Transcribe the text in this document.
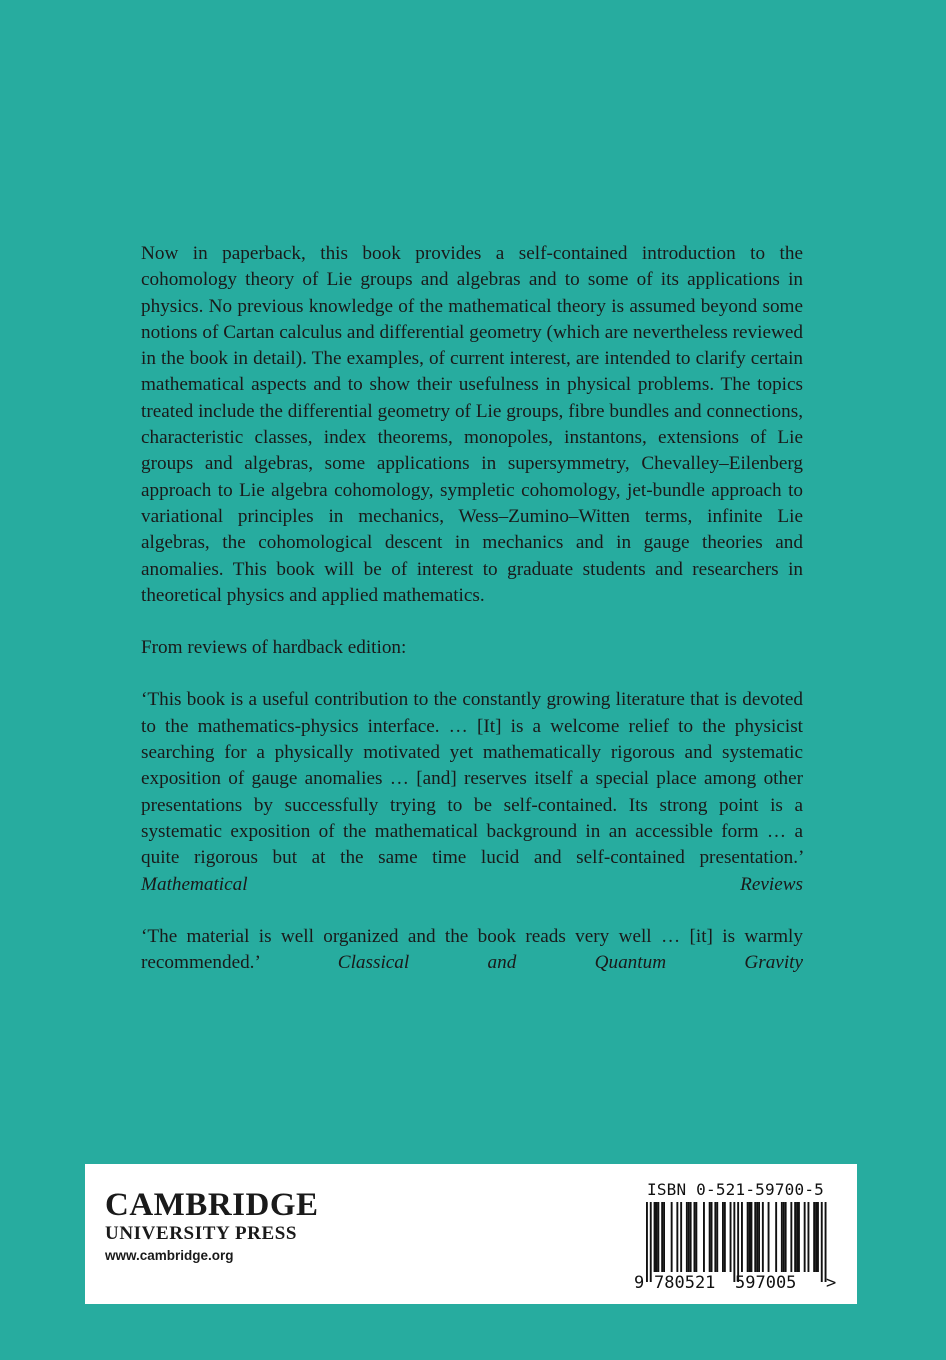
Now in paperback, this book provides a self-contained introduction to the cohomology theory of Lie groups and algebras and to some of its applications in physics. No previous knowledge of the mathematical theory is assumed beyond some notions of Cartan calculus and differential geometry (which are nevertheless reviewed in the book in detail). The examples, of current interest, are intended to clarify certain mathematical aspects and to show their usefulness in physical problems. The topics treated include the differential geometry of Lie groups, fibre bundles and connections, characteristic classes, index theorems, monopoles, instantons, extensions of Lie groups and algebras, some applications in supersymmetry, Chevalley–Eilenberg approach to Lie algebra cohomology, sympletic cohomology, jet-bundle approach to variational principles in mechanics, Wess–Zumino–Witten terms, infinite Lie algebras, the cohomological descent in mechanics and in gauge theories and anomalies. This book will be of interest to graduate students and researchers in theoretical physics and applied mathematics.

From reviews of hardback edition:

‘This book is a useful contribution to the constantly growing literature that is devoted to the mathematics-physics interface. … [It] is a welcome relief to the physicist searching for a physically motivated yet mathematically rigorous and systematic exposition of gauge anomalies … [and] reserves itself a special place among other presentations by successfully trying to be self-contained. Its strong point is a systematic exposition of the mathematical background in an accessible form … a quite rigorous but at the same time lucid and self-contained presentation.’ Mathematical Reviews

‘The material is well organized and the book reads very well … [it] is warmly recommended.’	Classical and Quantum Gravity

CAMBRIDGE
UNIVERSITY PRESS
www.cambridge.org
ISBN 0-521-59700-5
9 780521 597005 >
